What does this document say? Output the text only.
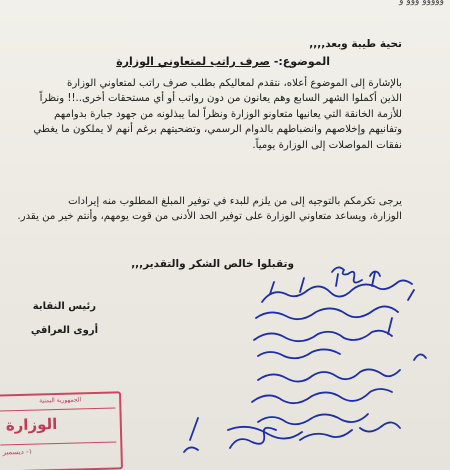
ووووو ووو و
تحية طيبة وبعد,,,,
الموضوع:- صرف راتب لمتعاوني الوزارة
بالإشارة إلى الموضوع أعلاه، نتقدم لمعاليكم بطلب صرف راتب لمتعاوني الوزارة
الذين أكملوا الشهر السابع وهم يعانون من دون رواتب أو أي مستحقات أخرى..!! ونظراً
للأزمة الخانقة التي يعانيها متعاونو الوزارة ونظراً لما يبذلونه من جهود جبارة بدوامهم
وتفانيهم وإخلاصهم وانضباطهم بالدوام الرسمي، وتضحيتهم برغم أنهم لا يملكون ما يغطي
نفقات المواصلات إلى الوزارة يومياً.
يرجى تكرمكم بالتوجيه إلى من يلزم للبدء في توفير المبلغ المطلوب منه إيرادات
الوزارة، ويساعد متعاوني الوزارة على توفير الحد الأدنى من قوت يومهم، وأنتم خير من يقدر.
وتقبلوا خالص الشكر والتقدير,,,
رئيس النقابة
أروى العراقي
الجمهورية اليمنية
الوزارة
١- ديسمبر
